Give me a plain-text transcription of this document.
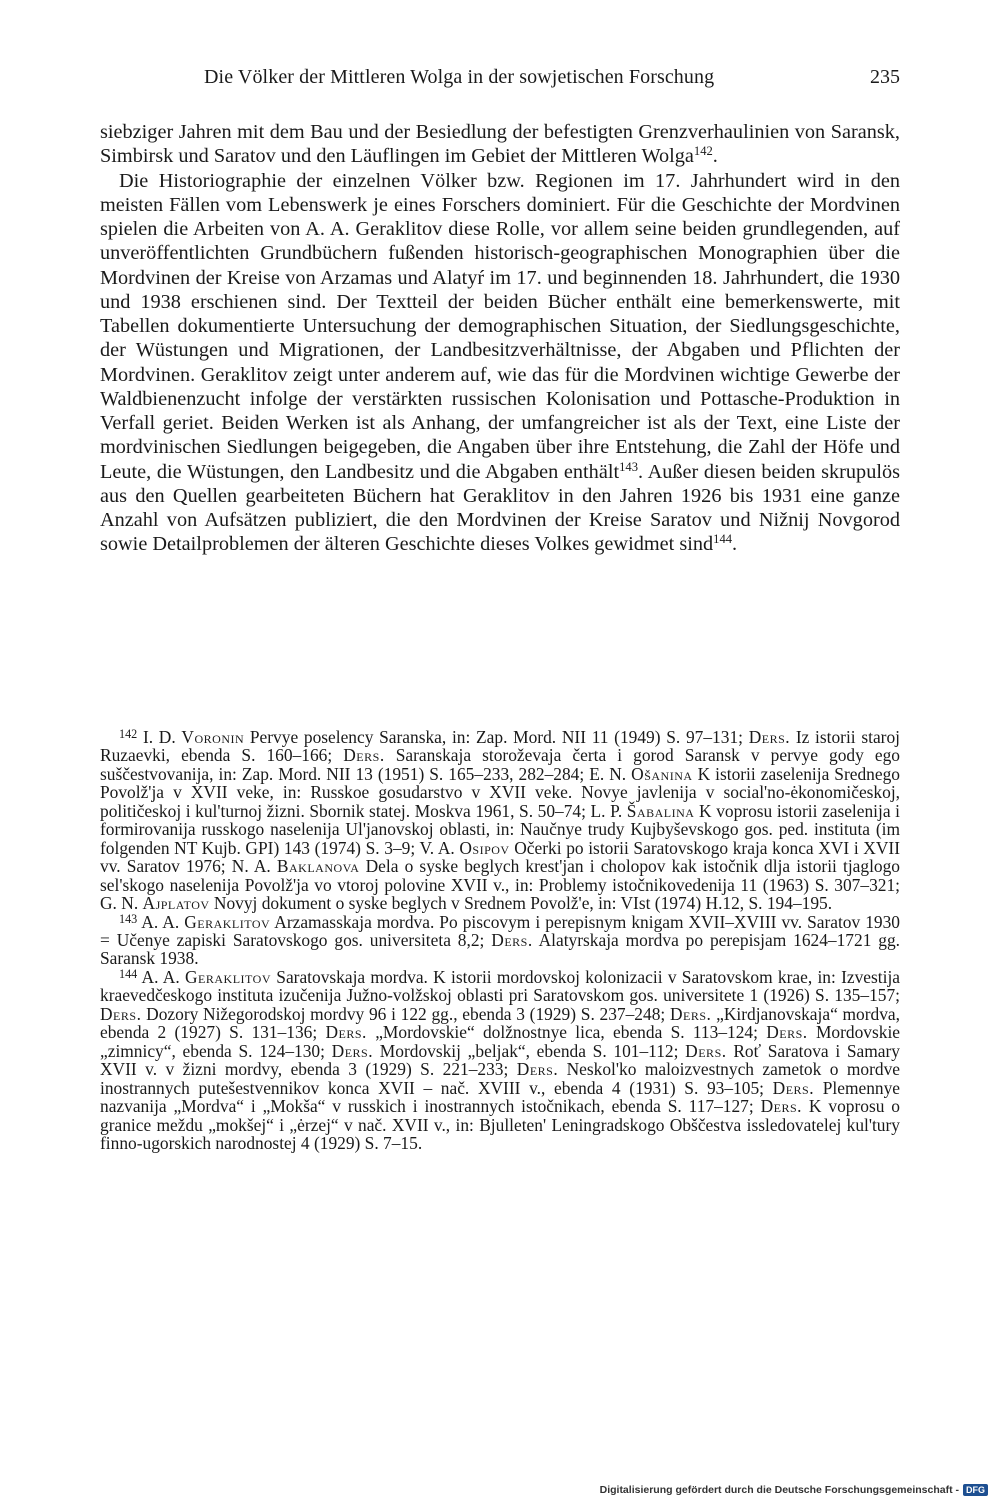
Die Völker der Mittleren Wolga in der sowjetischen Forschung	235

siebziger Jahren mit dem Bau und der Besiedlung der befestigten Grenzverhaulinien von Saransk, Simbirsk und Saratov und den Läuflingen im Gebiet der Mittleren Wolga$^{142}$.

Die Historiographie der einzelnen Völker bzw. Regionen im 17. Jahrhundert wird in den meisten Fällen vom Lebenswerk je eines Forschers dominiert. Für die Geschichte der Mordvinen spielen die Arbeiten von A. A. Geraklitov diese Rolle, vor allem seine beiden grundlegenden, auf unveröffentlichten Grundbüchern fußenden historisch-geographischen Monographien über die Mordvinen der Kreise von Arzamas und Alatyŕ im 17. und beginnenden 18. Jahrhundert, die 1930 und 1938 erschienen sind. Der Textteil der beiden Bücher enthält eine bemerkenswerte, mit Tabellen dokumentierte Untersuchung der demographischen Situation, der Siedlungsgeschichte, der Wüstungen und Migrationen, der Landbesitzverhältnisse, der Abgaben und Pflichten der Mordvinen. Geraklitov zeigt unter anderem auf, wie das für die Mordvinen wichtige Gewerbe der Waldbienenzucht infolge der verstärkten russischen Kolonisation und Pottasche-Produktion in Verfall geriet. Beiden Werken ist als Anhang, der umfangreicher ist als der Text, eine Liste der mordvinischen Siedlungen beigegeben, die Angaben über ihre Entstehung, die Zahl der Höfe und Leute, die Wüstungen, den Landbesitz und die Abgaben enthält$^{143}$. Außer diesen beiden skrupulös aus den Quellen gearbeiteten Büchern hat Geraklitov in den Jahren 1926 bis 1931 eine ganze Anzahl von Aufsätzen publiziert, die den Mordvinen der Kreise Saratov und Nižnij Novgorod sowie Detailproblemen der älteren Geschichte dieses Volkes gewidmet sind$^{144}$.

$^{142}$ I. D. Voronin Pervye poselency Saranska, in: Zap. Mord. NII 11 (1949) S. 97–131; Ders. Iz istorii staroj Ruzaevki, ebenda S. 160–166; Ders. Saranskaja storoževaja čerta i gorod Saransk v pervye gody ego suščestvovanija, in: Zap. Mord. NII 13 (1951) S. 165–233, 282–284; E. N. Ošanina K istorii zaselenija Srednego Povolž'ja v XVII veke, in: Russkoe gosudarstvo v XVII veke. Novye javlenija v social'no-ėkonomičeskoj, političeskoj i kul'turnoj žizni. Sbornik statej. Moskva 1961, S. 50–74; L. P. Šabalina K voprosu istorii zaselenija i formirovanija russkogo naselenija Ul'janovskoj oblasti, in: Naučnye trudy Kujbyševskogo gos. ped. instituta (im folgenden NT Kujb. GPI) 143 (1974) S. 3–9; V. A. Osipov Očerki po istorii Saratovskogo kraja konca XVI i XVII vv. Saratov 1976; N. A. Baklanova Dela o syske beglych krest'jan i cholopov kak istočnik dlja istorii tjaglogo sel'skogo naselenija Povolž'ja vo vtoroj polovine XVII v., in: Problemy istočnikovedenija 11 (1963) S. 307–321; G. N. Ajplatov Novyj dokument o syske beglych v Srednem Povolž'e, in: VIst (1974) H.12, S. 194–195.

$^{143}$ A. A. Geraklitov Arzamasskaja mordva. Po piscovym i perepisnym knigam XVII–XVIII vv. Saratov 1930 = Učenye zapiski Saratovskogo gos. universiteta 8,2; Ders. Alatyrskaja mordva po perepisjam 1624–1721 gg. Saransk 1938.

$^{144}$ A. A. Geraklitov Saratovskaja mordva. K istorii mordovskoj kolonizacii v Saratovskom krae, in: Izvestija kraevedčeskogo instituta izučenija Južno-volžskoj oblasti pri Saratovskom gos. universitete 1 (1926) S. 135–157; Ders. Dozory Nižegorodskoj mordvy 96 i 122 gg., ebenda 3 (1929) S. 237–248; Ders. „Kirdjanovskaja“ mordva, ebenda 2 (1927) S. 131–136; Ders. „Mordovskie“ dolžnostnye lica, ebenda S. 113–124; Ders. Mordovskie „zimnicy“, ebenda S. 124–130; Ders. Mordovskij „beljak“, ebenda S. 101–112; Ders. Roť Saratova i Samary XVII v. v žizni mordvy, ebenda 3 (1929) S. 221–233; Ders. Neskol'ko maloizvestnych zametok o mordve inostrannych putešestvennikov konca XVII – nač. XVIII v., ebenda 4 (1931) S. 93–105; Ders. Plemennye nazvanija „Mordva“ i „Mokša“ v russkich i inostrannych istočnikach, ebenda S. 117–127; Ders. K voprosu o granice meždu „mokšej“ i „ėrzej“ v nač. XVII v., in: Bjulleten' Leningradskogo Obščestva issledovatelej kul'tury finno-ugorskich narodnostej 4 (1929) S. 7–15.

Digitalisierung gefördert durch die Deutsche Forschungsgemeinschaft - DFG
